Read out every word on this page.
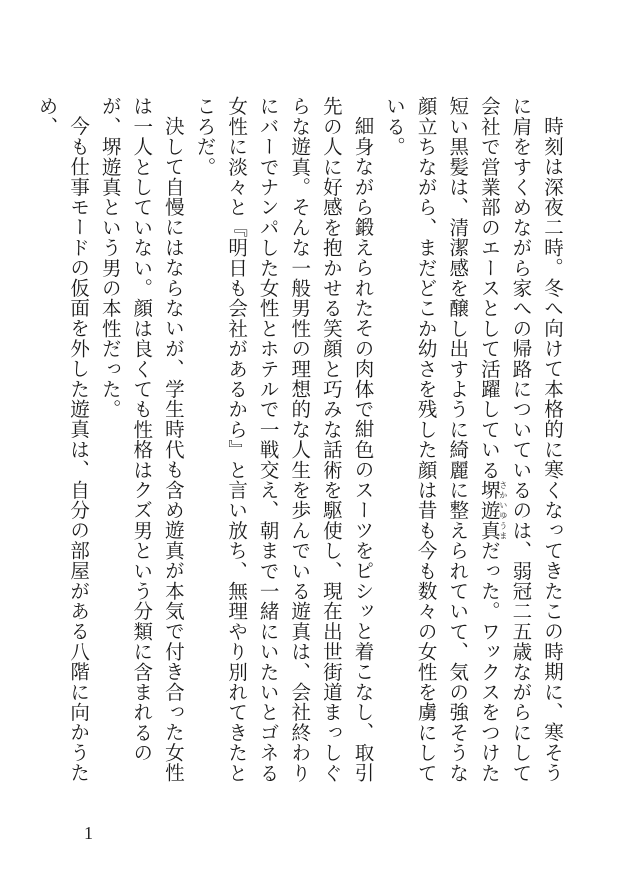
時刻は深夜二時。冬へ向けて本格的に寒くなってきたこの時期に、寒そうに肩をすくめながら家への帰路についているのは、弱冠二五歳ながらにして会社で営業部のエースとして活躍している堺遊真さかいゆうまだった。ワックスをつけた短い黒髪は、清潔感を醸し出すように綺麗に整えられていて、気の強そうな顔立ちながら、まだどこか幼さを残した顔は昔も今も数々の女性を虜にしている。

細身ながら鍛えられたその肉体で紺色のスーツをピシッと着こなし、取引先の人に好感を抱かせる笑顔と巧みな話術を駆使し、現在出世街道まっしぐらな遊真。そんな一般男性の理想的な人生を歩んでいる遊真は、会社終わりにバーでナンパした女性とホテルで一戦交え、朝まで一緒にいたいとゴネる女性に淡々と『明日も会社があるから』と言い放ち、無理やり別れてきたところだ。

決して自慢にはならないが、学生時代も含め遊真が本気で付き合った女性は一人としていない。顔は良くても性格はクズ男という分類に含まれるのが、堺遊真という男の本性だった。

今も仕事モードの仮面を外した遊真は、自分の部屋がある八階に向かうため、

1
